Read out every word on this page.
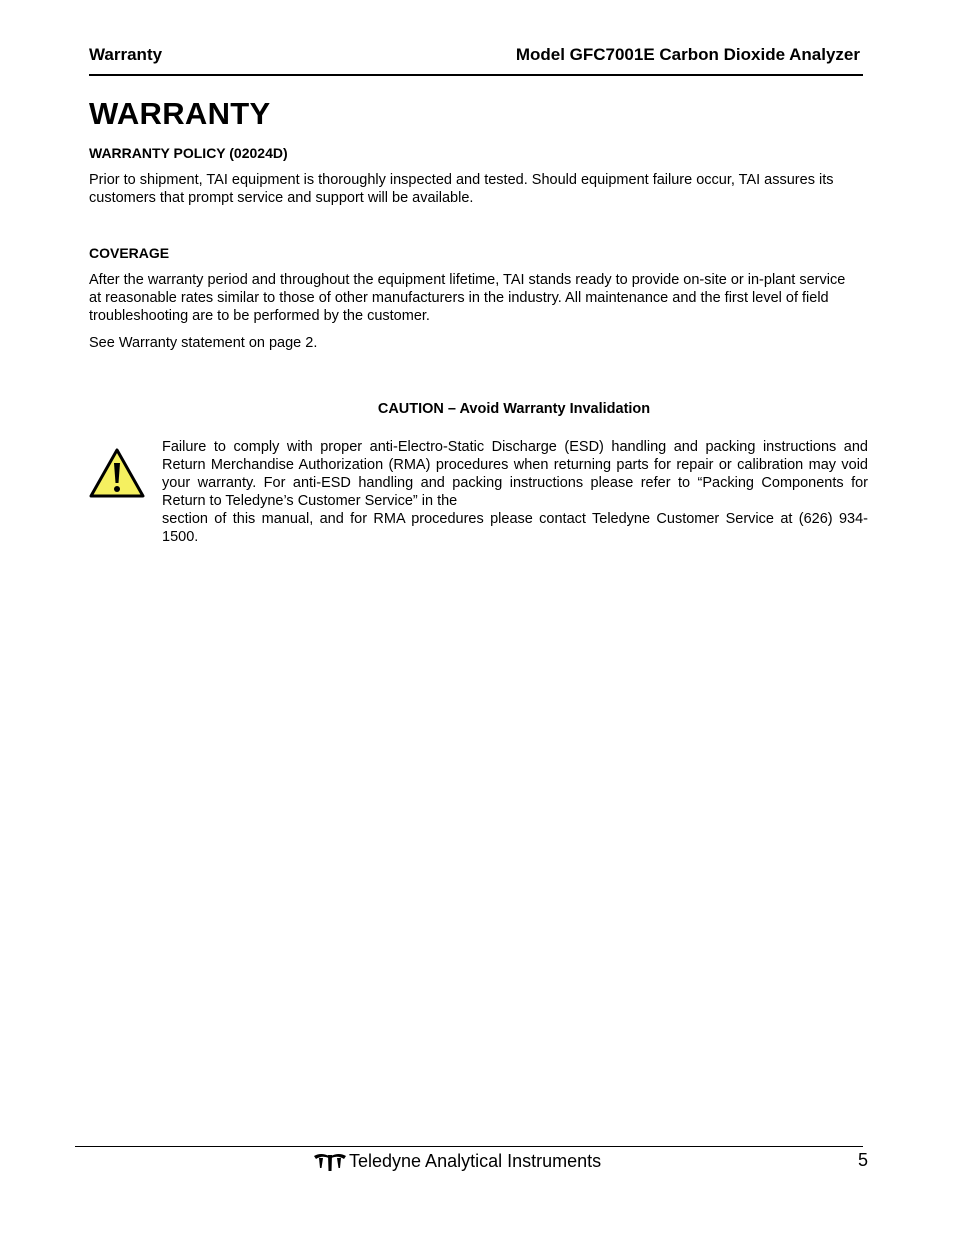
Warranty	Model GFC7001E Carbon Dioxide Analyzer
WARRANTY
WARRANTY POLICY (02024D)
Prior to shipment, TAI equipment is thoroughly inspected and tested. Should equipment failure occur, TAI assures its customers that prompt service and support will be available.
COVERAGE
After the warranty period and throughout the equipment lifetime, TAI stands ready to provide on-site or in-plant service at reasonable rates similar to those of other manufacturers in the industry. All maintenance and the first level of field troubleshooting are to be performed by the customer.
See Warranty statement on page 2.
CAUTION – Avoid Warranty Invalidation
Failure to comply with proper anti-Electro-Static Discharge (ESD) handling and packing instructions and Return Merchandise Authorization (RMA) procedures when returning parts for repair or calibration may void your warranty. For anti-ESD handling and packing instructions please refer to “Packing Components for Return to Teledyne’s Customer Service” in the
section of this manual, and for RMA procedures please contact Teledyne Customer Service at (626) 934-1500.
Teledyne Analytical Instruments	5
